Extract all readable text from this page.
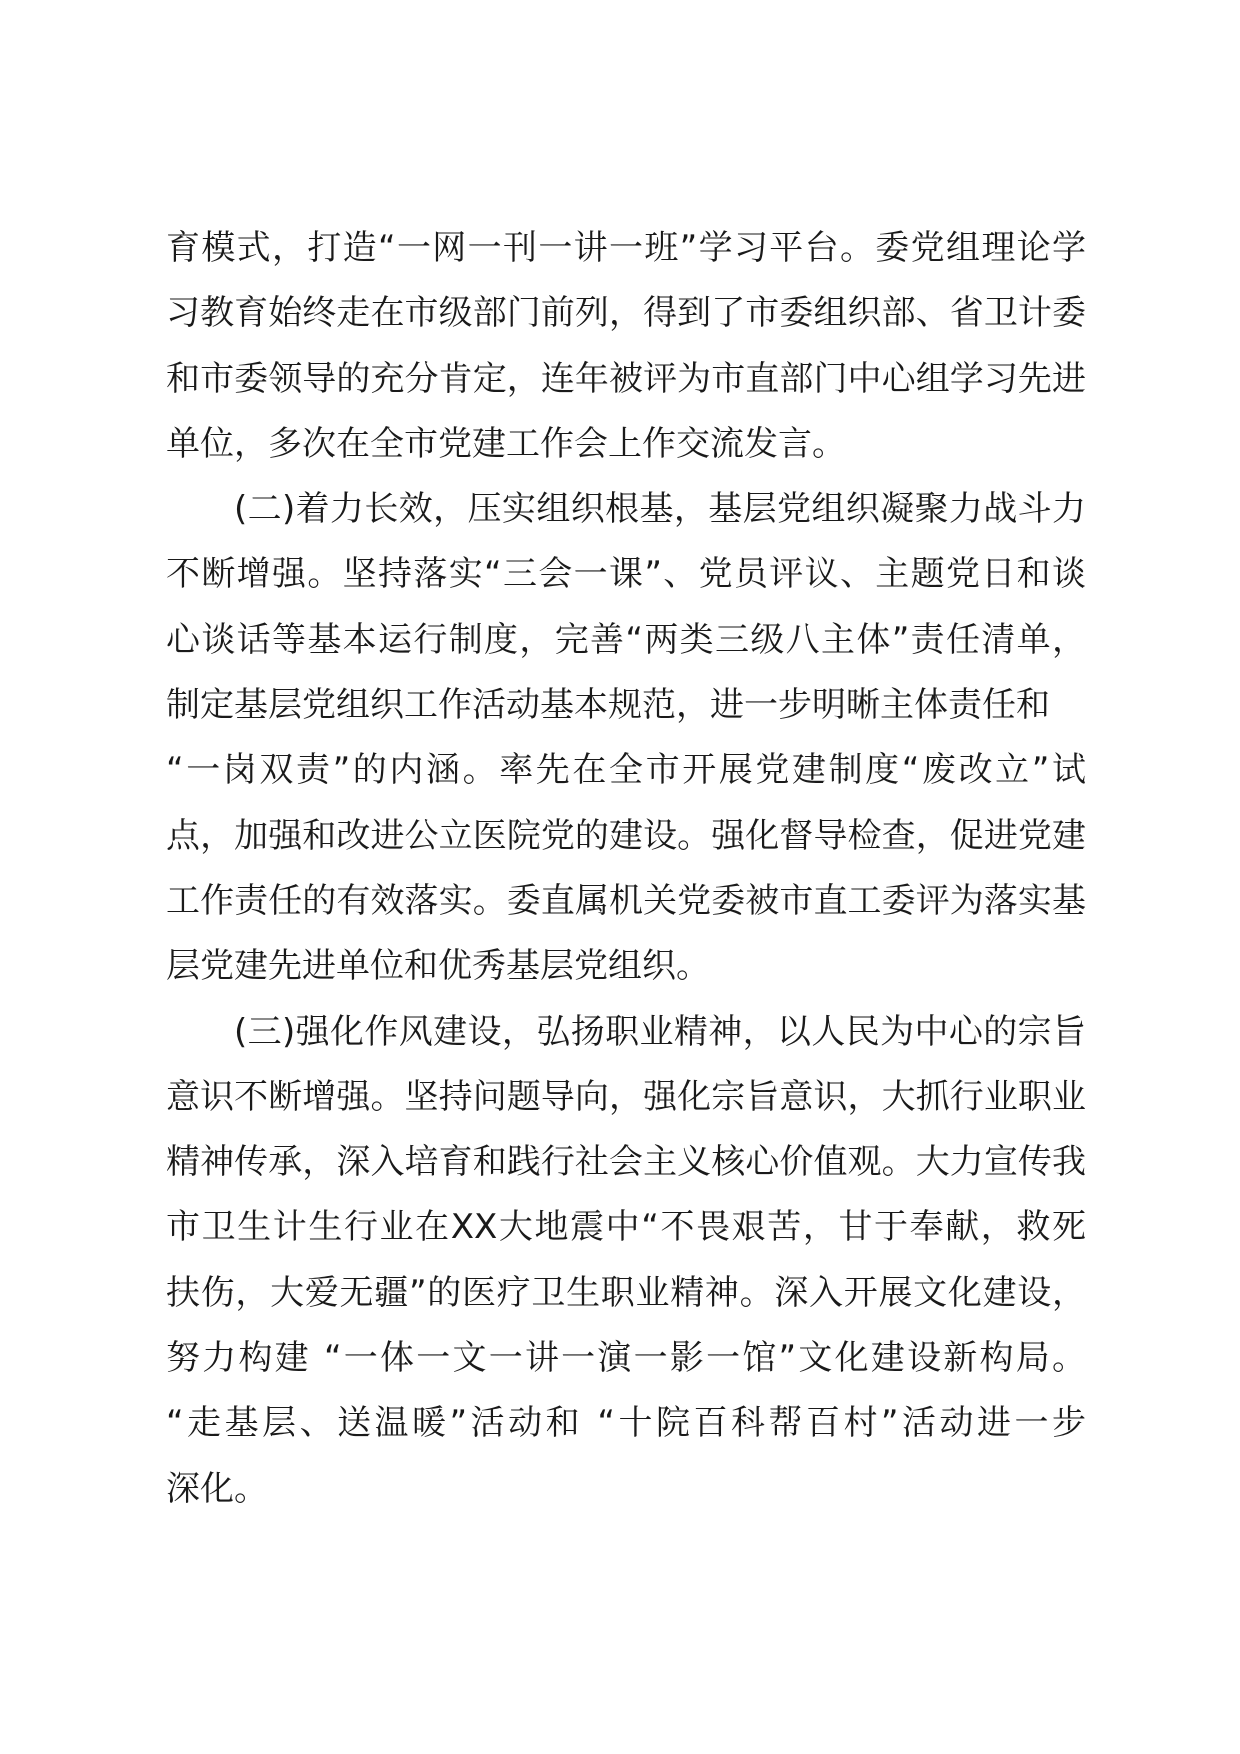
育模式，打造“一网一刊一讲一班”学习平台。委党组理论学
习教育始终走在市级部门前列，得到了市委组织部、省卫计委
和市委领导的充分肯定，连年被评为市直部门中心组学习先进
单位，多次在全市党建工作会上作交流发言。
(二)着力长效，压实组织根基，基层党组织凝聚力战斗力
不断增强。坚持落实“三会一课”、党员评议、主题党日和谈
心谈话等基本运行制度，完善“两类三级八主体”责任清单，
制定基层党组织工作活动基本规范，进一步明晰主体责任和
“一岗双责”的内涵。率先在全市开展党建制度“废改立”试
点，加强和改进公立医院党的建设。强化督导检查，促进党建
工作责任的有效落实。委直属机关党委被市直工委评为落实基
层党建先进单位和优秀基层党组织。
(三)强化作风建设，弘扬职业精神，以人民为中心的宗旨
意识不断增强。坚持问题导向，强化宗旨意识，大抓行业职业
精神传承，深入培育和践行社会主义核心价值观。大力宣传我
市卫生计生行业在XX大地震中“不畏艰苦，甘于奉献，救死
扶伤，大爱无疆”的医疗卫生职业精神。深入开展文化建设，
努力构建 “一体一文一讲一演一影一馆”文化建设新构局。
“走基层、送温暖”活动和 “十院百科帮百村”活动进一步
深化。
